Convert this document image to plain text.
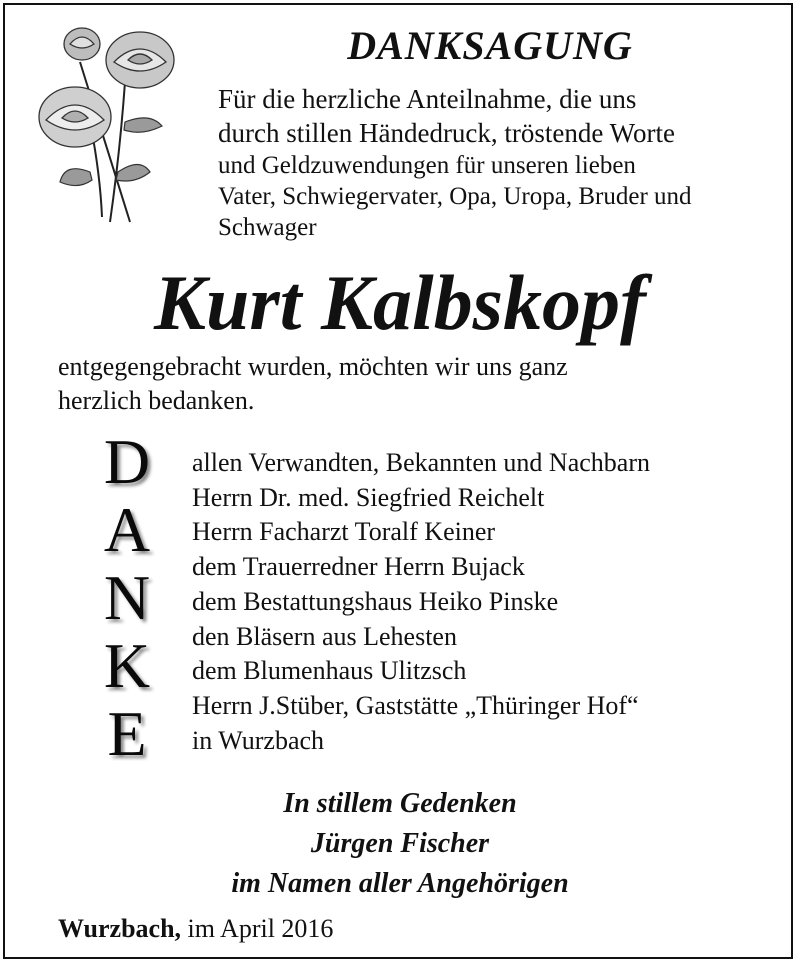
DANKSAGUNG
Für die herzliche Anteilnahme, die uns
durch stillen Händedruck, tröstende Worte
und Geldzuwendungen für unseren lieben
Vater, Schwiegervater, Opa, Uropa, Bruder und
Schwager
Kurt Kalbskopf
entgegengebracht wurden, möchten wir uns ganz
herzlich bedanken.
D
A
N
K
E
allen Verwandten, Bekannten und Nachbarn
Herrn Dr. med. Siegfried Reichelt
Herrn Facharzt Toralf Keiner
dem Trauerredner Herrn Bujack
dem Bestattungshaus Heiko Pinske
den Bläsern aus Lehesten
dem Blumenhaus Ulitzsch
Herrn J.Stüber, Gaststätte „Thüringer Hof“
in Wurzbach
In stillem Gedenken
Jürgen Fischer
im Namen aller Angehörigen
Wurzbach, im April 2016
